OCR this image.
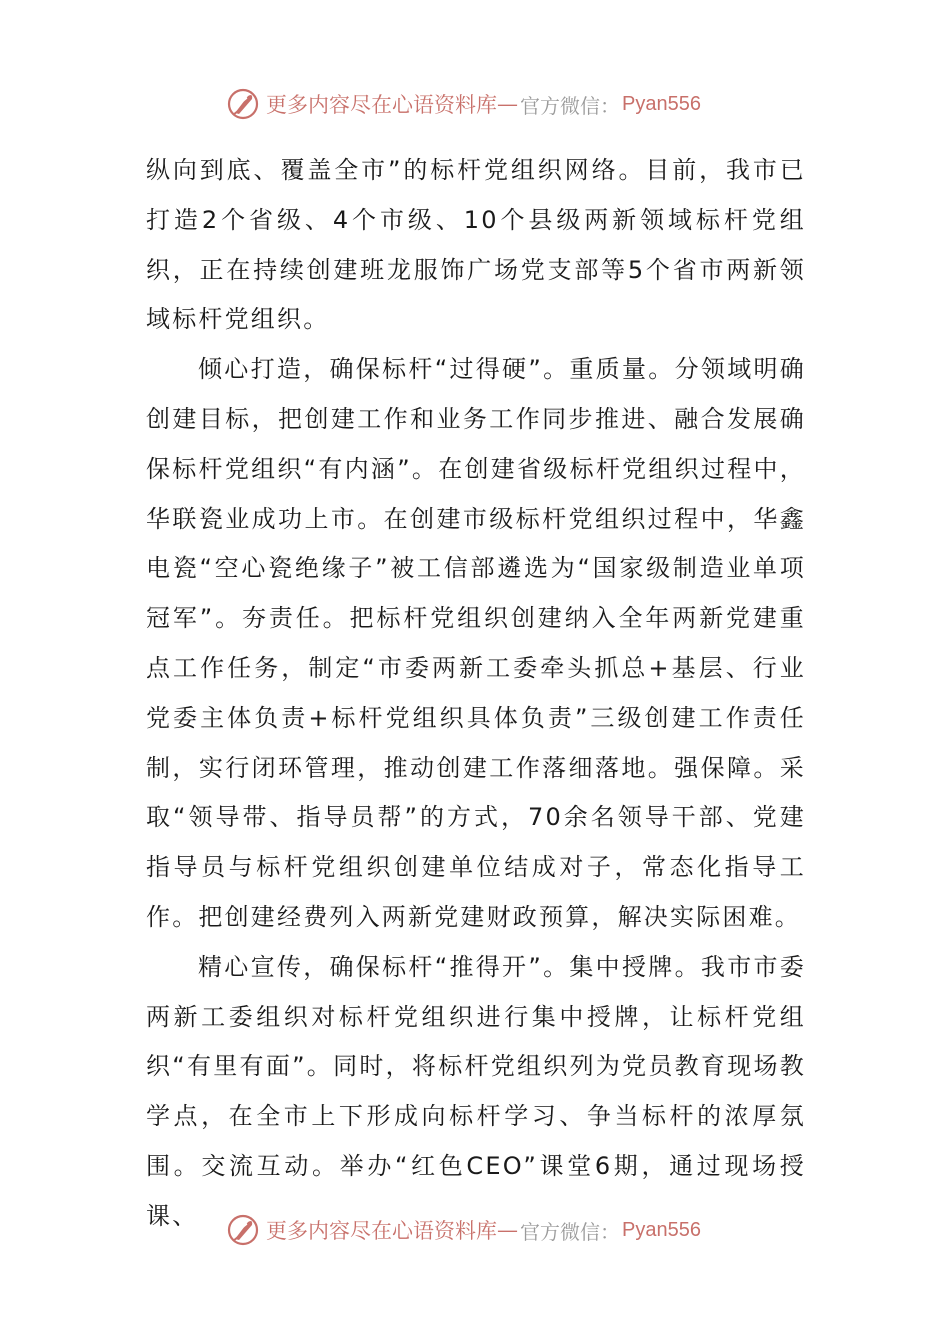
更多内容尽在心语资料库 — 官方微信： Pyan556

纵向到底、覆盖全市”的标杆党组织网络。目前，我市已打造2个省级、4个市级、10个县级两新领域标杆党组织，正在持续创建班龙服饰广场党支部等5个省市两新领域标杆党组织。

倾心打造，确保标杆“过得硬”。重质量。分领域明确创建目标，把创建工作和业务工作同步推进、融合发展确保标杆党组织“有内涵”。在创建省级标杆党组织过程中，华联瓷业成功上市。在创建市级标杆党组织过程中，华鑫电瓷“空心瓷绝缘子”被工信部遴选为“国家级制造业单项冠军”。夯责任。把标杆党组织创建纳入全年两新党建重点工作任务，制定“市委两新工委牵头抓总+基层、行业党委主体负责+标杆党组织具体负责”三级创建工作责任制，实行闭环管理，推动创建工作落细落地。强保障。采取“领导带、指导员帮”的方式，70余名领导干部、党建指导员与标杆党组织创建单位结成对子，常态化指导工作。把创建经费列入两新党建财政预算，解决实际困难。

精心宣传，确保标杆“推得开”。集中授牌。我市市委两新工委组织对标杆党组织进行集中授牌，让标杆党组织“有里有面”。同时，将标杆党组织列为党员教育现场教学点，在全市上下形成向标杆学习、争当标杆的浓厚氛围。交流互动。举办“红色CEO”课堂6期，通过现场授课、

更多内容尽在心语资料库 — 官方微信： Pyan556
